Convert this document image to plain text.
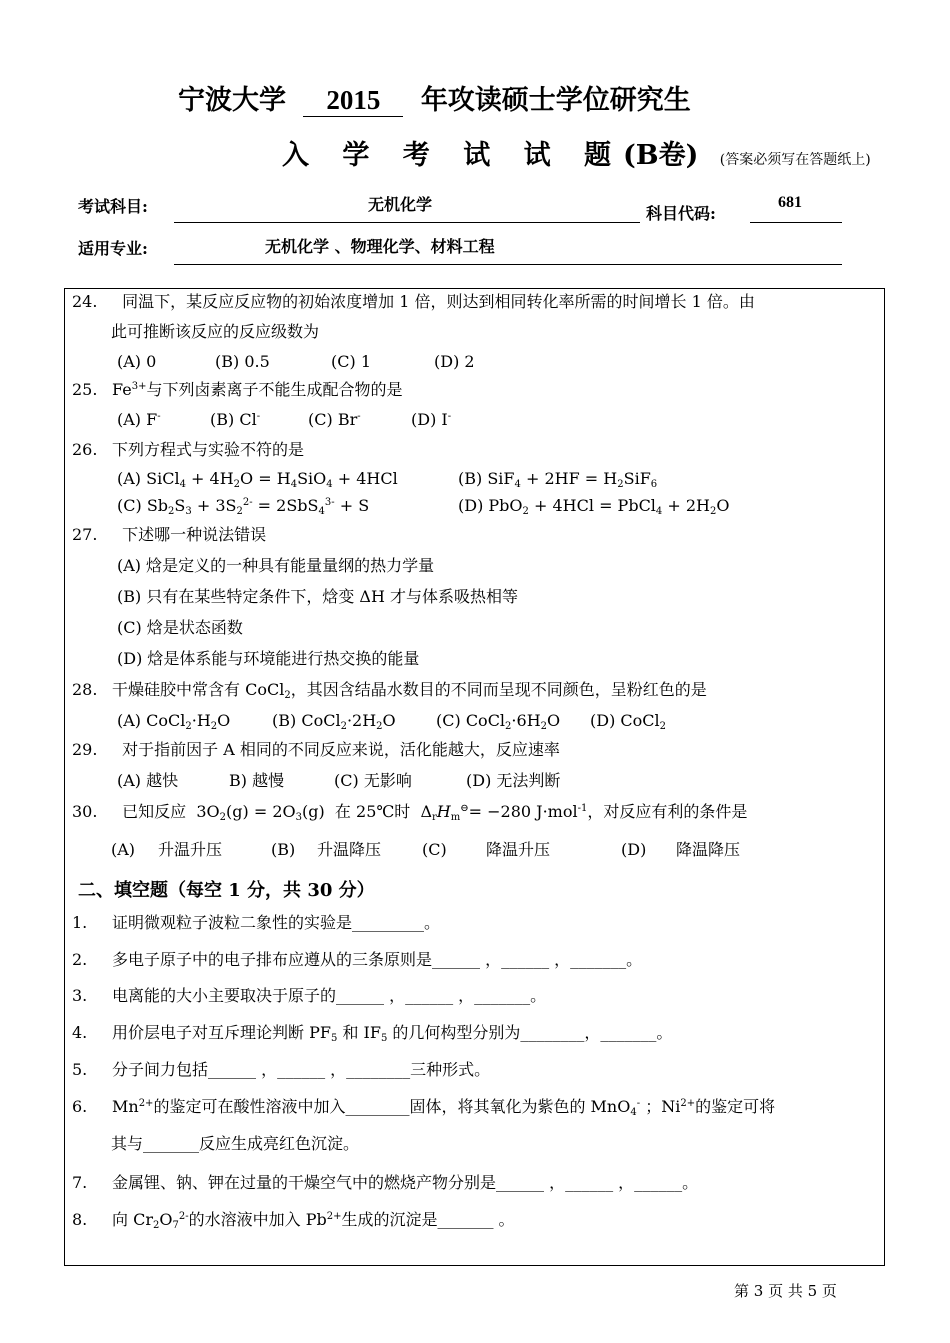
宁波大学 2015 年攻读硕士学位研究生
入 学 考 试 试 题(B卷) (答案必须写在答题纸上)
考试科目:	无机化学	科目代码:
681
适用专业:	无机化学 、物理化学、材料工程
24. 同温下，某反应反应物的初始浓度增加 1 倍，则达到相同转化率所需的时间增长 1 倍。由
此可推断该反应的反应级数为
(A) 0	(B) 0.5	(C) 1	(D) 2
25. $Fe^{3+}$与下列卤素离子不能生成配合物的是
(A) F-	(B) Cl-	(C) Br-	(D) I-
26. 下列方程式与实验不符的是
(A) SiCl$_4$ + $4H_2O = H_4SiO_4 + 4HCl$	(B) $SiF_4 + 2HF = H_2SiF_6$
(C) $Sb_2S_3 + 3S_2^{2-} = 2SbS_4^{3-} + S$	(D) PbO$_2$ + 4HCl = PbCl$_4$ + $2H_2O$
27. 下述哪一种说法错误
(A) 焓是定义的一种具有能量量纲的热力学量
(B) 只有在某些特定条件下，焓变 ΔH 才与体系吸热相等
(C) 焓是状态函数
(D) 焓是体系能与环境能进行热交换的能量
28. 干燥硅胶中常含有 CoCl$_2$，其因含结晶水数目的不同而呈现不同颜色，呈粉红色的是
(A) $CoCl_2\cdot H_2O$	(B) $CoCl_2\cdot 2H_2O$	(C) $CoCl_2\cdot 6H_2O$ (D) CoCl$_2$
29. 对于指前因子 A 相同的不同反应来说，活化能越大，反应速率
(A) 越快	B) 越慢	(C) 无影响	(D) 无法判断
30. 已知反应  $3O_2(g) = 2O_3(g)$  在 25℃时  $\Delta_rH_m^⊖= -280$ J·mol$^{-1}$，对反应有利的条件是
(A) 升温升压	(B) 升温降压	(C) 降温升压	(D) 降温降压
二、填空题（每空 1 分，共 30 分）
1. 证明微观粒子波粒二象性的实验是_________。
2. 多电子原子中的电子排布应遵从的三条原则是______ ，______ ，_______。
3. 电离能的大小主要取决于原子的______ ，______ ，_______。
4. 用价层电子对互斥理论判断 $PF_5$ 和 $IF_5$ 的几何构型分别为________，_______。
5. 分子间力包括______ ，______ ，________三种形式。
6. $Mn^{2+}$的鉴定可在酸性溶液中加入________固体，将其氧化为紫色的 MnO$_4$- ；$Ni^{2+}$的鉴定可将
其与_______反应生成亮红色沉淀。
7. 金属锂、钠、钾在过量的干燥空气中的燃烧产物分别是______ ，______ ，______。
8. 向 $Cr_2O_7^{2-}$的水溶液中加入 $Pb^{2+}$生成的沉淀是_______ 。
第 3 页 共 5 页
